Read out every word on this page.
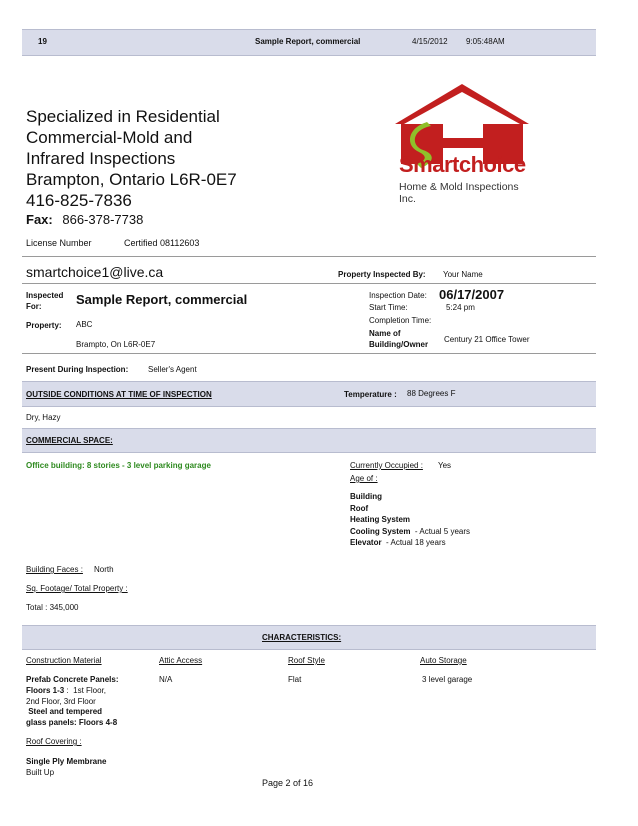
19	Sample Report, commercial	4/15/2012 9:05:48AM
Specialized in Residential
Commercial-Mold and
Infrared Inspections
Brampton, Ontario L6R-0E7
416-825-7836
Fax: 866-378-7738
License Number	Certified 08112603
Smartchoice
Home & Mold Inspections Inc.
smartchoice1@live.ca	Property Inspected By: Your Name
Inspected For:	Sample Report, commercial
Property: ABC
Brampto, On L6R-0E7
Inspection Date: 06/17/2007
Start Time:	5:24 pm
Completion Time:
Name of Building/Owner
Century 21 Office Tower
Present During Inspection: Seller's Agent
OUTSIDE CONDITIONS AT TIME OF INSPECTION	Temperature : 88 Degrees F
Dry, Hazy
COMMERCIAL SPACE:
Office building: 8 stories - 3 level parking garage	Currently Occupied : Yes
Age of :
Building
Roof
Heating System
Cooling System - Actual 5 years
Elevator - Actual 18 years
Building Faces : North
Sq. Footage/ Total Property :
Total : 345,000
CHARACTERISTICS:
Construction Material	Attic Access	Roof Style	Auto Storage
Prefab Concrete Panels:
Floors 1-3 :  1st Floor,
2nd Floor, 3rd Floor
Steel and tempered
glass panels: Floors 4-8
N/A	Flat	3 level garage
Roof Covering :
Single Ply Membrane
Built Up
Page 2 of 16
